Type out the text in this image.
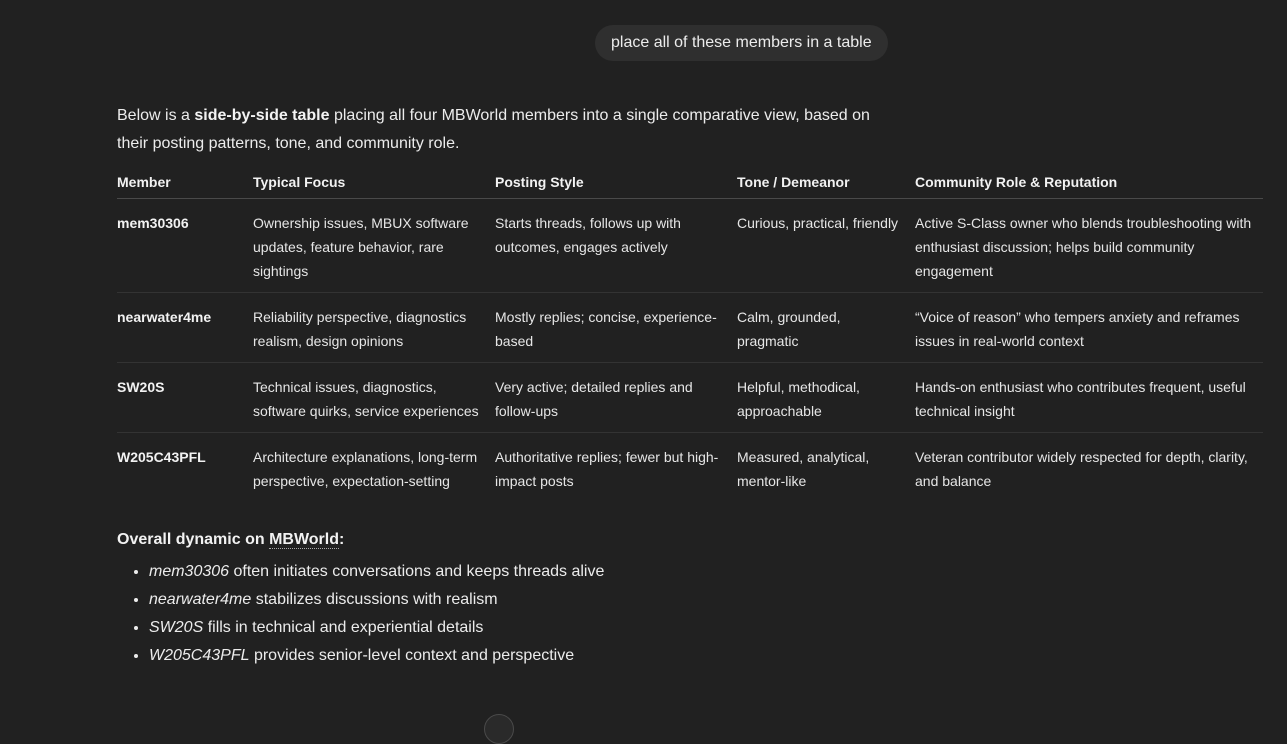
place all of these members in a table

Below is a side-by-side table placing all four MBWorld members into a single comparative view, based on their posting patterns, tone, and community role.

Member	Typical Focus	Posting Style	Tone / Demeanor	Community Role & Reputation
mem30306	Ownership issues, MBUX software updates, feature behavior, rare sightings	Starts threads, follows up with outcomes, engages actively	Curious, practical, friendly	Active S-Class owner who blends troubleshooting with enthusiast discussion; helps build community engagement
nearwater4me	Reliability perspective, diagnostics realism, design opinions	Mostly replies; concise, experience-based	Calm, grounded, pragmatic	“Voice of reason” who tempers anxiety and reframes issues in real-world context
SW20S	Technical issues, diagnostics, software quirks, service experiences	Very active; detailed replies and follow-ups	Helpful, methodical, approachable	Hands-on enthusiast who contributes frequent, useful technical insight
W205C43PFL	Architecture explanations, long-term perspective, expectation-setting	Authoritative replies; fewer but high-impact posts	Measured, analytical, mentor-like	Veteran contributor widely respected for depth, clarity, and balance
Overall dynamic on MBWorld:
• mem30306 often initiates conversations and keeps threads alive
• nearwater4me stabilizes discussions with realism
• SW20S fills in technical and experiential details
• W205C43PFL provides senior-level context and perspective
